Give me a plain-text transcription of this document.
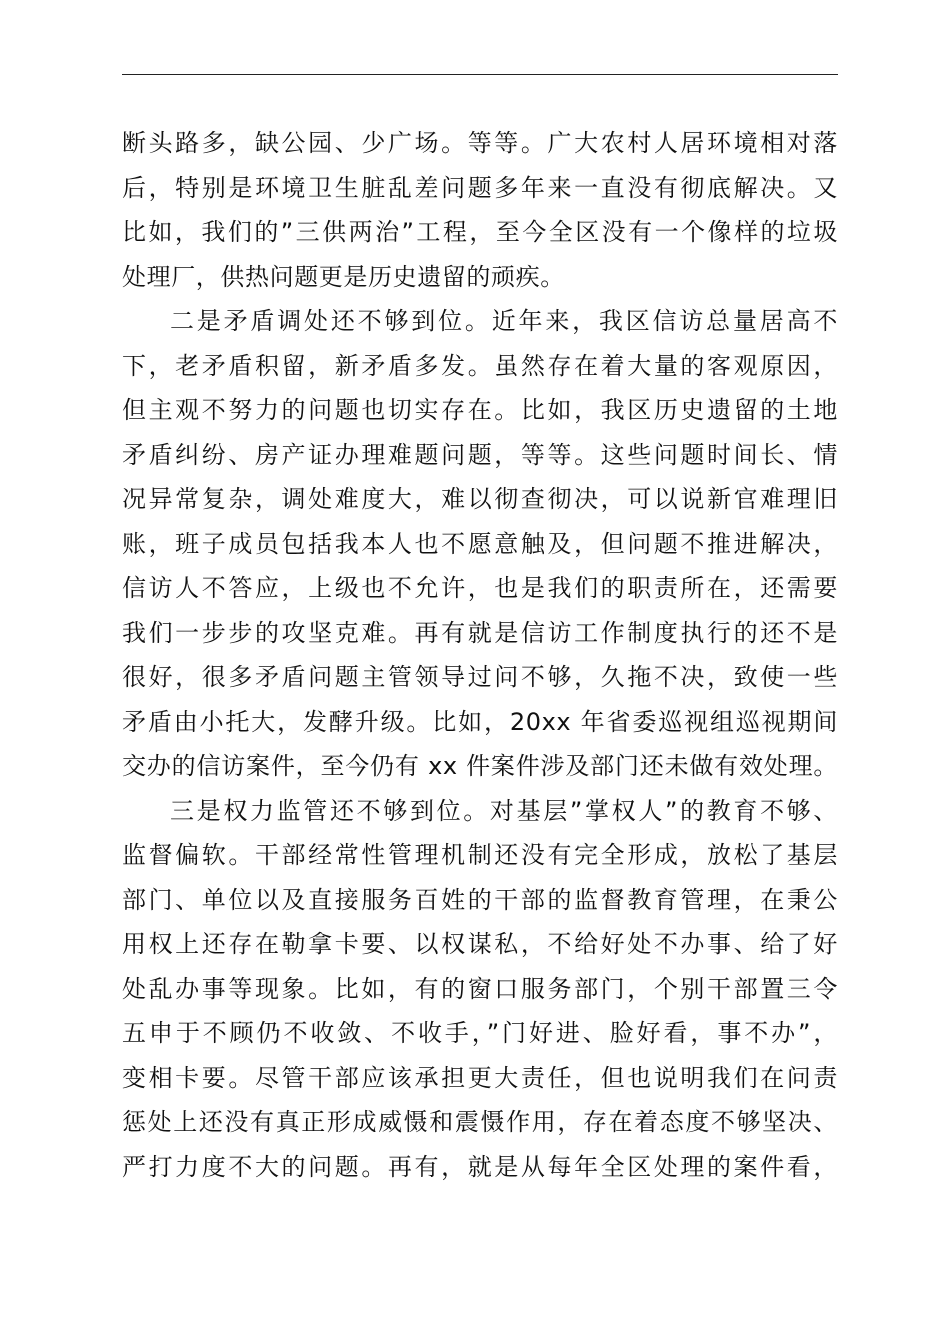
断头路多，缺公园、少广场。等等。广大农村人居环境相对落
后，特别是环境卫生脏乱差问题多年来一直没有彻底解决。又
比如，我们的”三供两治”工程，至今全区没有一个像样的垃圾
处理厂，供热问题更是历史遗留的顽疾。
二是矛盾调处还不够到位。近年来，我区信访总量居高不
下，老矛盾积留，新矛盾多发。虽然存在着大量的客观原因，
但主观不努力的问题也切实存在。比如，我区历史遗留的土地
矛盾纠纷、房产证办理难题问题，等等。这些问题时间长、情
况异常复杂，调处难度大，难以彻查彻决，可以说新官难理旧
账，班子成员包括我本人也不愿意触及，但问题不推进解决，
信访人不答应，上级也不允许，也是我们的职责所在，还需要
我们一步步的攻坚克难。再有就是信访工作制度执行的还不是
很好，很多矛盾问题主管领导过问不够，久拖不决，致使一些
矛盾由小托大，发酵升级。比如，20xx 年省委巡视组巡视期间
交办的信访案件，至今仍有 xx 件案件涉及部门还未做有效处理。
三是权力监管还不够到位。对基层”掌权人”的教育不够、
监督偏软。干部经常性管理机制还没有完全形成，放松了基层
部门、单位以及直接服务百姓的干部的监督教育管理，在秉公
用权上还存在勒拿卡要、以权谋私，不给好处不办事、给了好
处乱办事等现象。比如，有的窗口服务部门，个别干部置三令
五申于不顾仍不收敛、不收手，”门好进、脸好看，事不办”，
变相卡要。尽管干部应该承担更大责任，但也说明我们在问责
惩处上还没有真正形成威慑和震慑作用，存在着态度不够坚决、
严打力度不大的问题。再有，就是从每年全区处理的案件看，
